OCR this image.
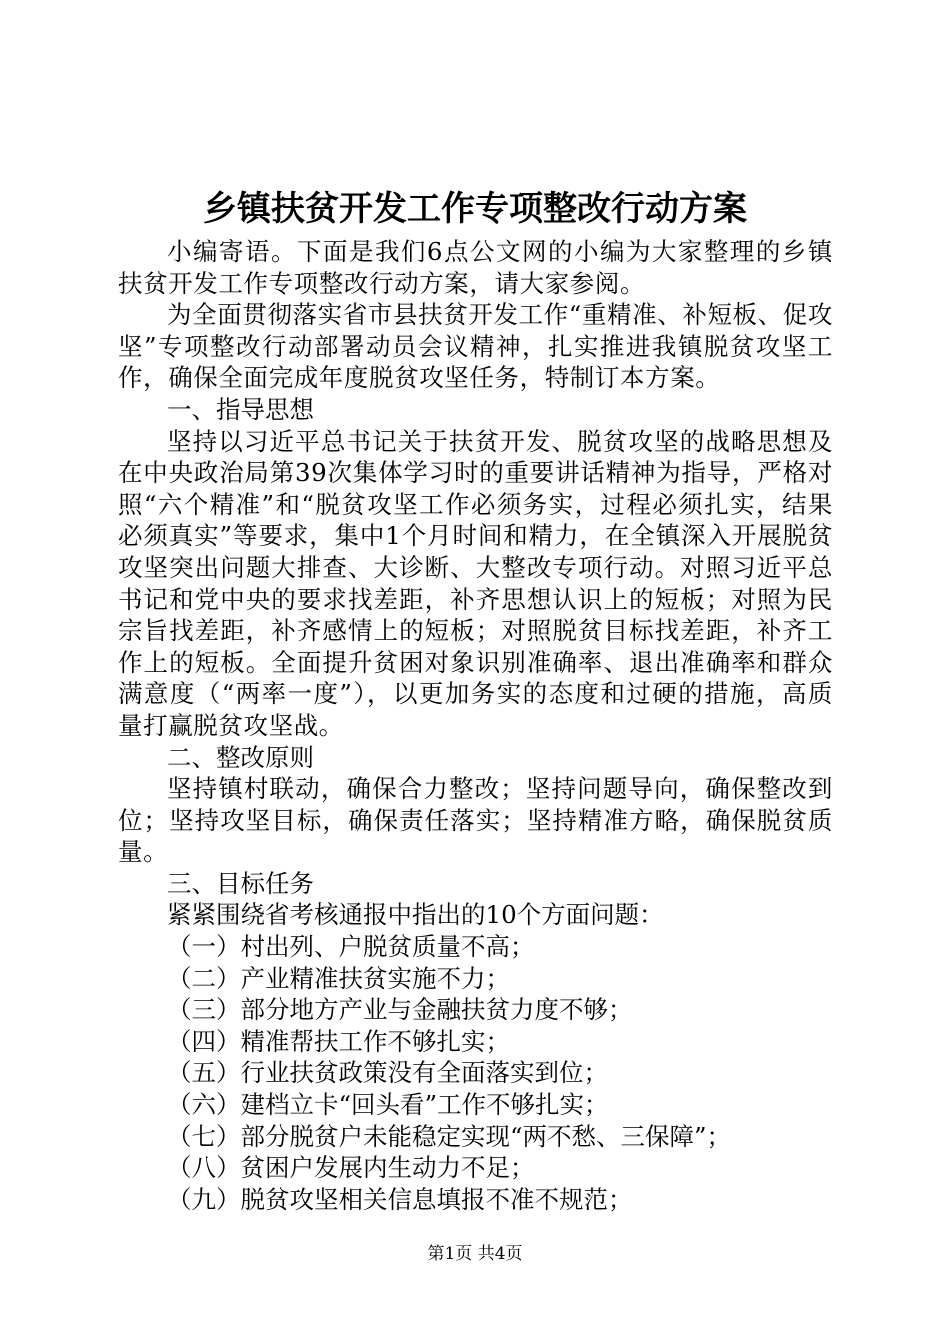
乡镇扶贫开发工作专项整改行动方案

小编寄语。下面是我们6点公文网的小编为大家整理的乡镇扶贫开发工作专项整改行动方案，请大家参阅。

为全面贯彻落实省市县扶贫开发工作“重精准、补短板、促攻坚”专项整改行动部署动员会议精神，扎实推进我镇脱贫攻坚工作，确保全面完成年度脱贫攻坚任务，特制订本方案。

一、指导思想

坚持以习近平总书记关于扶贫开发、脱贫攻坚的战略思想及在中央政治局第39次集体学习时的重要讲话精神为指导，严格对照“六个精准”和“脱贫攻坚工作必须务实，过程必须扎实，结果必须真实”等要求，集中1个月时间和精力，在全镇深入开展脱贫攻坚突出问题大排查、大诊断、大整改专项行动。对照习近平总书记和党中央的要求找差距，补齐思想认识上的短板；对照为民宗旨找差距，补齐感情上的短板；对照脱贫目标找差距，补齐工作上的短板。全面提升贫困对象识别准确率、退出准确率和群众满意度（“两率一度”），以更加务实的态度和过硬的措施，高质量打赢脱贫攻坚战。

二、整改原则

坚持镇村联动，确保合力整改；坚持问题导向，确保整改到位；坚持攻坚目标，确保责任落实；坚持精准方略，确保脱贫质量。

三、目标任务

紧紧围绕省考核通报中指出的10个方面问题：

（一）村出列、户脱贫质量不高；

（二）产业精准扶贫实施不力；

（三）部分地方产业与金融扶贫力度不够；

（四）精准帮扶工作不够扎实；

（五）行业扶贫政策没有全面落实到位；

（六）建档立卡“回头看”工作不够扎实；

（七）部分脱贫户未能稳定实现“两不愁、三保障”；

（八）贫困户发展内生动力不足；

（九）脱贫攻坚相关信息填报不准不规范；

第1页 共4页
